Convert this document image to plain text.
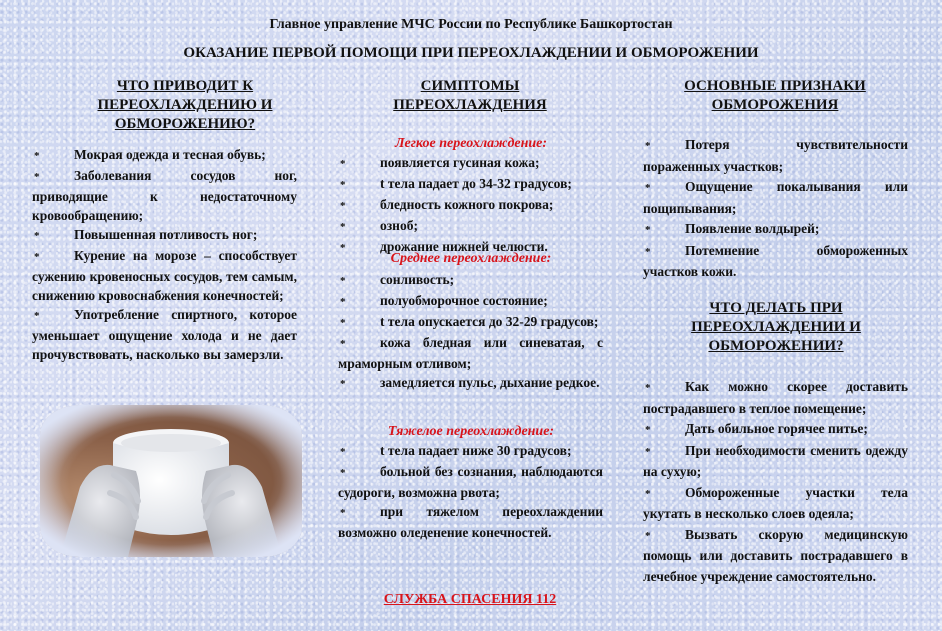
Главное управление МЧС России по Республике Башкортостан
ОКАЗАНИЕ ПЕРВОЙ ПОМОЩИ ПРИ ПЕРЕОХЛАЖДЕНИИ И ОБМОРОЖЕНИИ
ЧТО ПРИВОДИТ К ПЕРЕОХЛАЖДЕНИЮ И ОБМОРОЖЕНИЮ?
*	Мокрая одежда и тесная обувь;
*	Заболевания сосудов ног, приводящие к недостаточному кровообращению;
*	Повышенная потливость ног;
*	Курение на морозе – способствует сужению кровеносных сосудов, тем самым, снижению кровоснабжения конечностей;
*	Употребление спиртного, которое уменьшает ощущение холода и не дает прочувствовать, насколько вы замерзли.
СИМПТОМЫ ПЕРЕОХЛАЖДЕНИЯ
Легкое переохлаждение:
*	появляется гусиная кожа;
*	t тела падает до 34-32 градусов;
*	бледность кожного покрова;
*	озноб;
*	дрожание нижней челюсти.
Среднее переохлаждение:
*	сонливость;
*	полуобморочное состояние;
*	t тела опускается до 32-29 градусов;
*	кожа бледная или синеватая, с мраморным отливом;
*	замедляется пульс, дыхание редкое.
Тяжелое переохлаждение:
*	t тела падает ниже 30 градусов;
*	больной без сознания, наблюдаются судороги, возможна рвота;
*	при тяжелом переохлаждении возможно оледенение конечностей.
ОСНОВНЫЕ ПРИЗНАКИ ОБМОРОЖЕНИЯ
*	Потеря чувствительности пораженных участков;
*	Ощущение покалывания или пощипывания;
*	Появление волдырей;
*	Потемнение обмороженных участков кожи.
ЧТО ДЕЛАТЬ ПРИ ПЕРЕОХЛАЖДЕНИИ И ОБМОРОЖЕНИИ?
*	Как можно скорее доставить пострадавшего в теплое помещение;
*	Дать обильное горячее питье;
*	При необходимости сменить одежду на сухую;
*	Обмороженные участки тела укутать в несколько слоев одеяла;
*	Вызвать скорую медицинскую помощь или доставить пострадавшего в лечебное учреждение самостоятельно.
СЛУЖБА СПАСЕНИЯ 112
